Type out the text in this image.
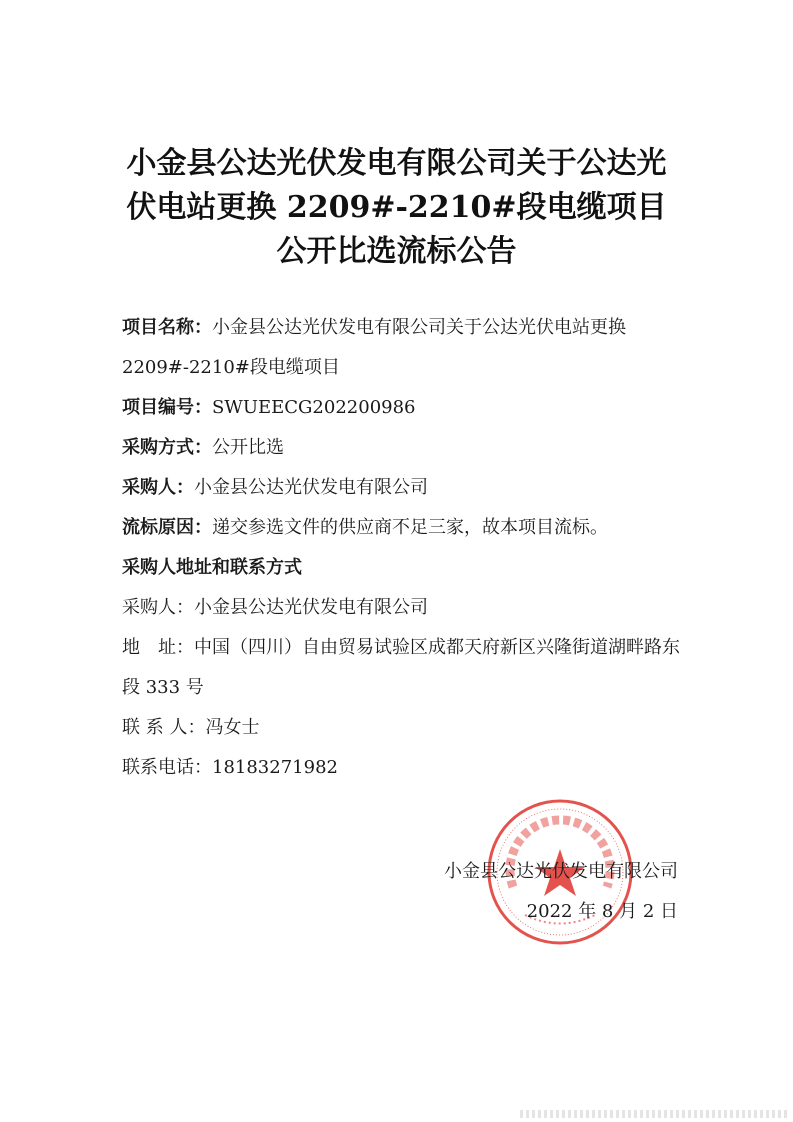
小金县公达光伏发电有限公司关于公达光
伏电站更换 2209#-2210#段电缆项目
公开比选流标公告
项目名称：小金县公达光伏发电有限公司关于公达光伏电站更换 2209#-2210#段电缆项目
项目编号：SWUEECG202200986
采购方式：公开比选
采购人：小金县公达光伏发电有限公司
流标原因：递交参选文件的供应商不足三家，故本项目流标。
采购人地址和联系方式
采购人：小金县公达光伏发电有限公司
地　址：中国（四川）自由贸易试验区成都天府新区兴隆街道湖畔路东段 333 号
联 系 人：冯女士
联系电话：18183271982
小金县公达光伏发电有限公司
2022 年 8 月 2 日
